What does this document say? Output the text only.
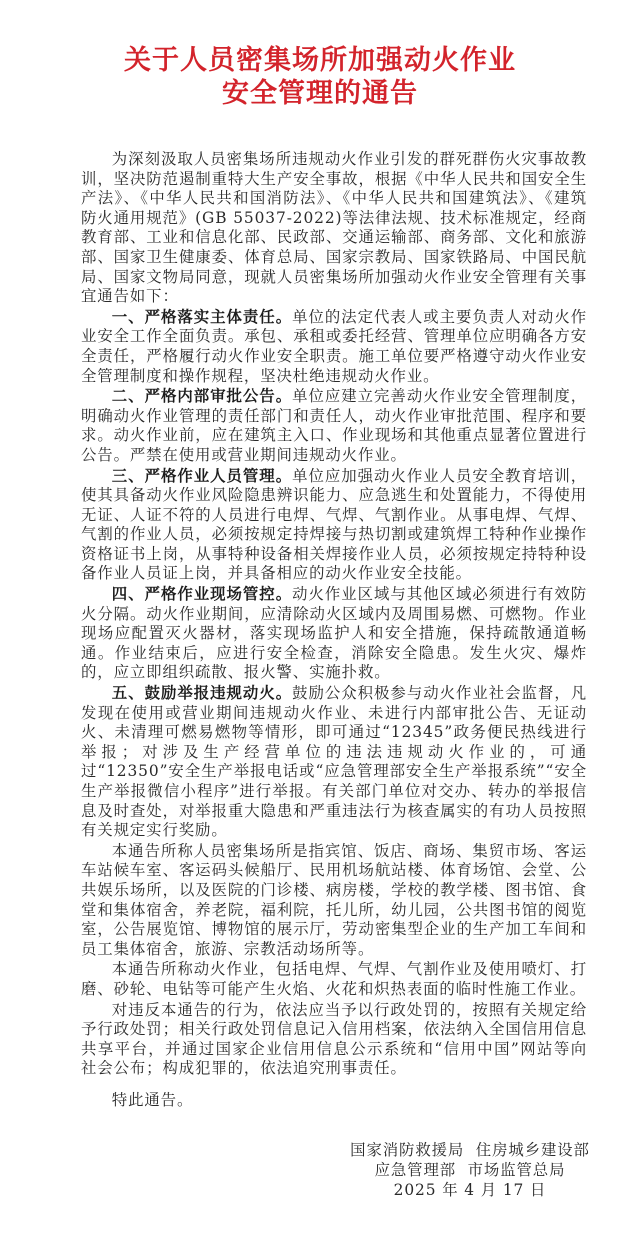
关于人员密集场所加强动火作业
安全管理的通告

为深刻汲取人员密集场所违规动火作业引发的群死群伤火灾事故教训，坚决防范遏制重特大生产安全事故，根据《中华人民共和国安全生产法》、《中华人民共和国消防法》、《中华人民共和国建筑法》、《建筑防火通用规范》(GB 55037-2022)等法律法规、技术标准规定，经商教育部、工业和信息化部、民政部、交通运输部、商务部、文化和旅游部、国家卫生健康委、体育总局、国家宗教局、国家铁路局、中国民航局、国家文物局同意，现就人员密集场所加强动火作业安全管理有关事宜通告如下：

一、严格落实主体责任。单位的法定代表人或主要负责人对动火作业安全工作全面负责。承包、承租或委托经营、管理单位应明确各方安全责任，严格履行动火作业安全职责。施工单位要严格遵守动火作业安全管理制度和操作规程，坚决杜绝违规动火作业。

二、严格内部审批公告。单位应建立完善动火作业安全管理制度，明确动火作业管理的责任部门和责任人，动火作业审批范围、程序和要求。动火作业前，应在建筑主入口、作业现场和其他重点显著位置进行公告。严禁在使用或营业期间违规动火作业。

三、严格作业人员管理。单位应加强动火作业人员安全教育培训，使其具备动火作业风险隐患辨识能力、应急逃生和处置能力，不得使用无证、人证不符的人员进行电焊、气焊、气割作业。从事电焊、气焊、气割的作业人员，必须按规定持焊接与热切割或建筑焊工特种作业操作资格证书上岗，从事特种设备相关焊接作业人员，必须按规定持特种设备作业人员证上岗，并具备相应的动火作业安全技能。

四、严格作业现场管控。动火作业区域与其他区域必须进行有效防火分隔。动火作业期间，应清除动火区域内及周围易燃、可燃物。作业现场应配置灭火器材，落实现场监护人和安全措施，保持疏散通道畅通。作业结束后，应进行安全检查，消除安全隐患。发生火灾、爆炸的，应立即组织疏散、报火警、实施扑救。

五、鼓励举报违规动火。鼓励公众积极参与动火作业社会监督，凡发现在使用或营业期间违规动火作业、未进行内部审批公告、无证动火、未清理可燃易燃物等情形，即可通过“12345”政务便民热线进行举报；对涉及生产经营单位的违法违规动火作业的，可通过“12350”安全生产举报电话或“应急管理部安全生产举报系统”“安全生产举报微信小程序”进行举报。有关部门单位对交办、转办的举报信息及时查处，对举报重大隐患和严重违法行为核查属实的有功人员按照有关规定实行奖励。

本通告所称人员密集场所是指宾馆、饭店、商场、集贸市场、客运车站候车室、客运码头候船厅、民用机场航站楼、体育场馆、会堂、公共娱乐场所，以及医院的门诊楼、病房楼，学校的教学楼、图书馆、食堂和集体宿舍，养老院，福利院，托儿所，幼儿园，公共图书馆的阅览室，公告展览馆、博物馆的展示厅，劳动密集型企业的生产加工车间和员工集体宿舍，旅游、宗教活动场所等。

本通告所称动火作业，包括电焊、气焊、气割作业及使用喷灯、打磨、砂轮、电钻等可能产生火焰、火花和炽热表面的临时性施工作业。

对违反本通告的行为，依法应当予以行政处罚的，按照有关规定给予行政处罚；相关行政处罚信息记入信用档案，依法纳入全国信用信息共享平台，并通过国家企业信用信息公示系统和“信用中国”网站等向社会公布；构成犯罪的，依法追究刑事责任。

特此通告。

国家消防救援局  住房城乡建设部
应急管理部  市场监管总局
2025 年 4 月 17 日
